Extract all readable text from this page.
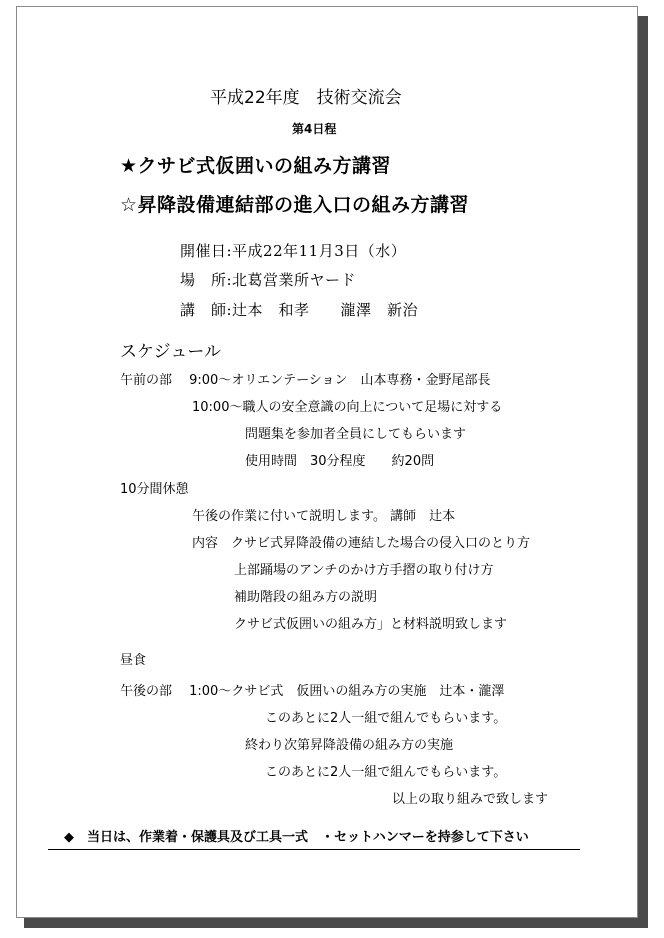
平成22年度　技術交流会
第4日程
★クサビ式仮囲いの組み方講習
☆昇降設備連結部の進入口の組み方講習
開催日:平成22年11月3日（水）
場　所:北葛営業所ヤード
講　師:辻本　和孝　　瀧澤　新治
スケジュール
午前の部　 9:00～オリエンテーション　山本専務・金野尾部長
10:00～職人の安全意識の向上について足場に対する
問題集を参加者全員にしてもらいます
使用時間　30分程度　　約20問
10分間休憩
午後の作業に付いて説明します。 講師　辻本
内容　クサビ式昇降設備の連結した場合の侵入口のとり方
上部踊場のアンチのかけ方手摺の取り付け方
補助階段の組み方の説明
クサビ式仮囲いの組み方」と材料説明致します
昼食
午後の部　 1:00～クサビ式　仮囲いの組み方の実施　辻本・瀧澤
このあとに2人一組で組んでもらいます。
終わり次第昇降設備の組み方の実施
このあとに2人一組で組んでもらいます。
以上の取り組みで致します
◆　当日は、作業着・保護具及び工具一式　・セットハンマーを持参して下さい
